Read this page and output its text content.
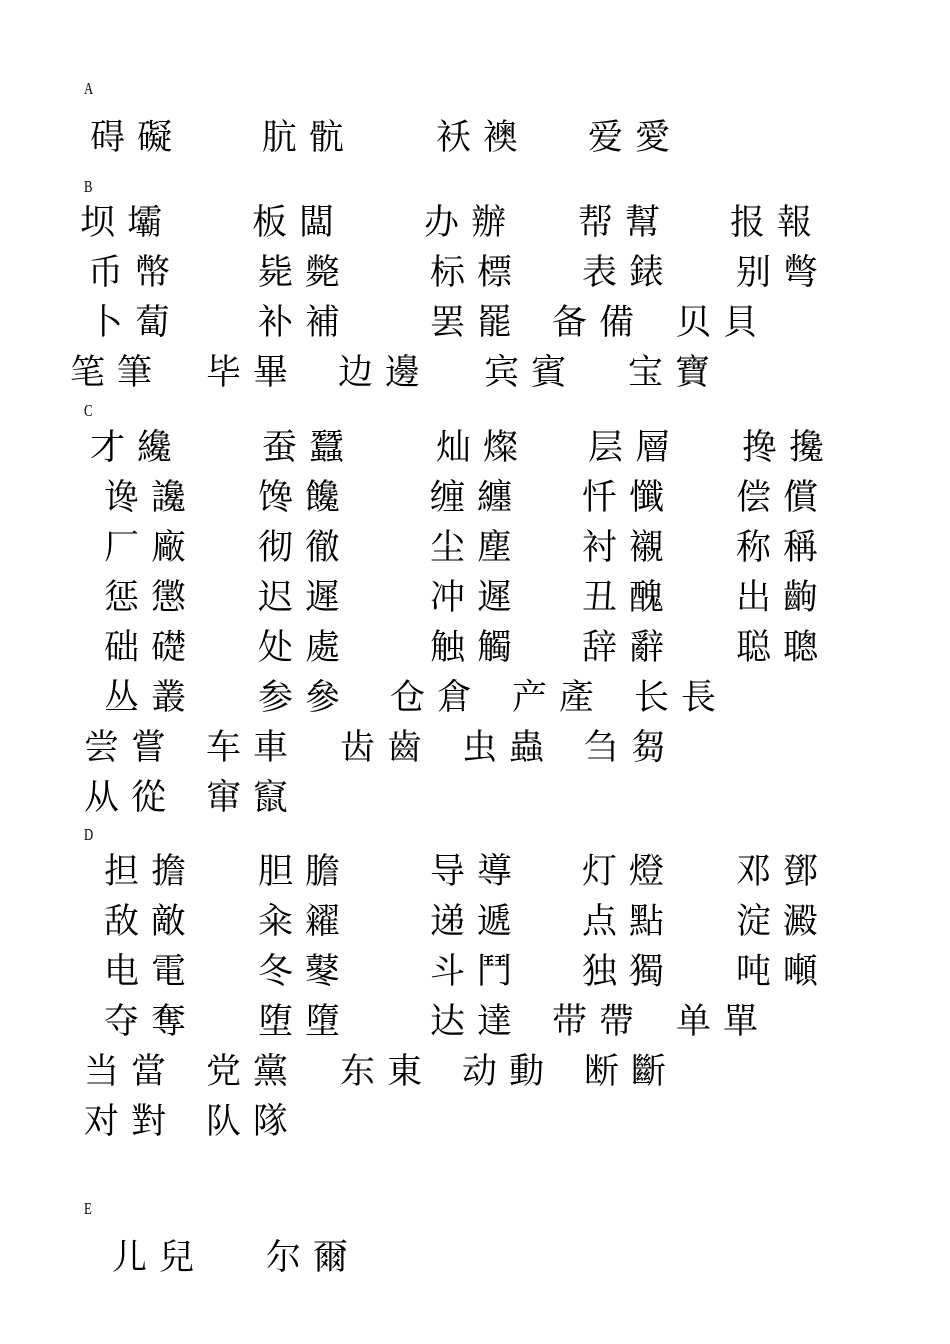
A
碍礙 肮骯 袄襖 爱愛
B
坝壩 板闆 办辦 帮幫 报報
币幣 毙斃 标標 表錶 别彆
卜蔔 补補 罢罷 备備 贝貝
笔筆 毕畢 边邊 宾賓 宝寶
C
才纔 蚕蠶 灿燦 层層 搀攙
谗讒 馋饞 缠纏 忏懺 偿償
厂廠 彻徹 尘塵 衬襯 称稱
惩懲 迟遲 冲遲 丑醜 出齣
础礎 处處 触觸 辞辭 聪聰
丛叢 参參 仓倉 产產 长長
尝嘗 车車 齿齒 虫蟲 刍芻
从從 窜竄
D
担擔 胆膽 导導 灯燈 邓鄧
敌敵 籴糴 递遞 点點 淀澱
电電 冬鼕 斗鬥 独獨 吨噸
夺奪 堕墮 达達 带帶 单單
当當 党黨 东東 动動 断斷
对對 队隊
E
儿兒 尔爾
